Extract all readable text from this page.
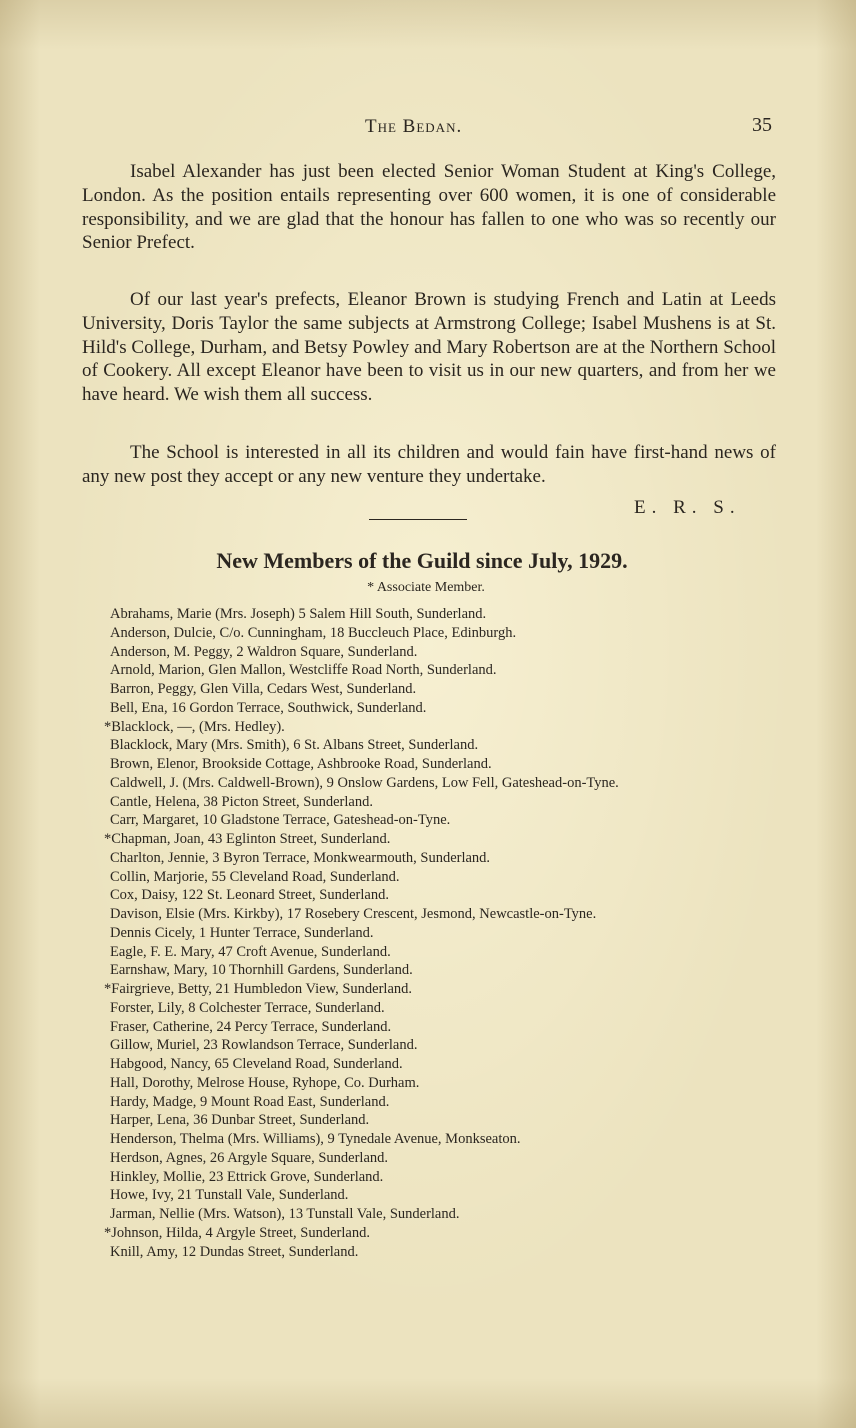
The Bedan.	35

Isabel Alexander has just been elected Senior Woman Student at King's College, London. As the position entails representing over 600 women, it is one of considerable responsibility, and we are glad that the honour has fallen to one who was so recently our Senior Prefect.

Of our last year's prefects, Eleanor Brown is studying French and Latin at Leeds University, Doris Taylor the same subjects at Armstrong College; Isabel Mushens is at St. Hild's College, Durham, and Betsy Powley and Mary Robertson are at the Northern School of Cookery. All except Eleanor have been to visit us in our new quarters, and from her we have heard. We wish them all success.

The School is interested in all its children and would fain have first-hand news of any new post they accept or any new venture they undertake.

E. R. S.
New Members of the Guild since July, 1929.
* Associate Member.
Abrahams, Marie (Mrs. Joseph) 5 Salem Hill South, Sunderland.
Anderson, Dulcie, C/o. Cunningham, 18 Buccleuch Place, Edinburgh.
Anderson, M. Peggy, 2 Waldron Square, Sunderland.
Arnold, Marion, Glen Mallon, Westcliffe Road North, Sunderland.
Barron, Peggy, Glen Villa, Cedars West, Sunderland.
Bell, Ena, 16 Gordon Terrace, Southwick, Sunderland.
*Blacklock, —, (Mrs. Hedley).
Blacklock, Mary (Mrs. Smith), 6 St. Albans Street, Sunderland.
Brown, Elenor, Brookside Cottage, Ashbrooke Road, Sunderland.
Caldwell, J. (Mrs. Caldwell-Brown), 9 Onslow Gardens, Low Fell, Gateshead-on-Tyne.
Cantle, Helena, 38 Picton Street, Sunderland.
Carr, Margaret, 10 Gladstone Terrace, Gateshead-on-Tyne.
*Chapman, Joan, 43 Eglinton Street, Sunderland.
Charlton, Jennie, 3 Byron Terrace, Monkwearmouth, Sunderland.
Collin, Marjorie, 55 Cleveland Road, Sunderland.
Cox, Daisy, 122 St. Leonard Street, Sunderland.
Davison, Elsie (Mrs. Kirkby), 17 Rosebery Crescent, Jesmond, Newcastle-on-Tyne.
Dennis Cicely, 1 Hunter Terrace, Sunderland.
Eagle, F. E. Mary, 47 Croft Avenue, Sunderland.
Earnshaw, Mary, 10 Thornhill Gardens, Sunderland.
*Fairgrieve, Betty, 21 Humbledon View, Sunderland.
Forster, Lily, 8 Colchester Terrace, Sunderland.
Fraser, Catherine, 24 Percy Terrace, Sunderland.
Gillow, Muriel, 23 Rowlandson Terrace, Sunderland.
Habgood, Nancy, 65 Cleveland Road, Sunderland.
Hall, Dorothy, Melrose House, Ryhope, Co. Durham.
Hardy, Madge, 9 Mount Road East, Sunderland.
Harper, Lena, 36 Dunbar Street, Sunderland.
Henderson, Thelma (Mrs. Williams), 9 Tynedale Avenue, Monkseaton.
Herdson, Agnes, 26 Argyle Square, Sunderland.
Hinkley, Mollie, 23 Ettrick Grove, Sunderland.
Howe, Ivy, 21 Tunstall Vale, Sunderland.
Jarman, Nellie (Mrs. Watson), 13 Tunstall Vale, Sunderland.
*Johnson, Hilda, 4 Argyle Street, Sunderland.
Knill, Amy, 12 Dundas Street, Sunderland.
